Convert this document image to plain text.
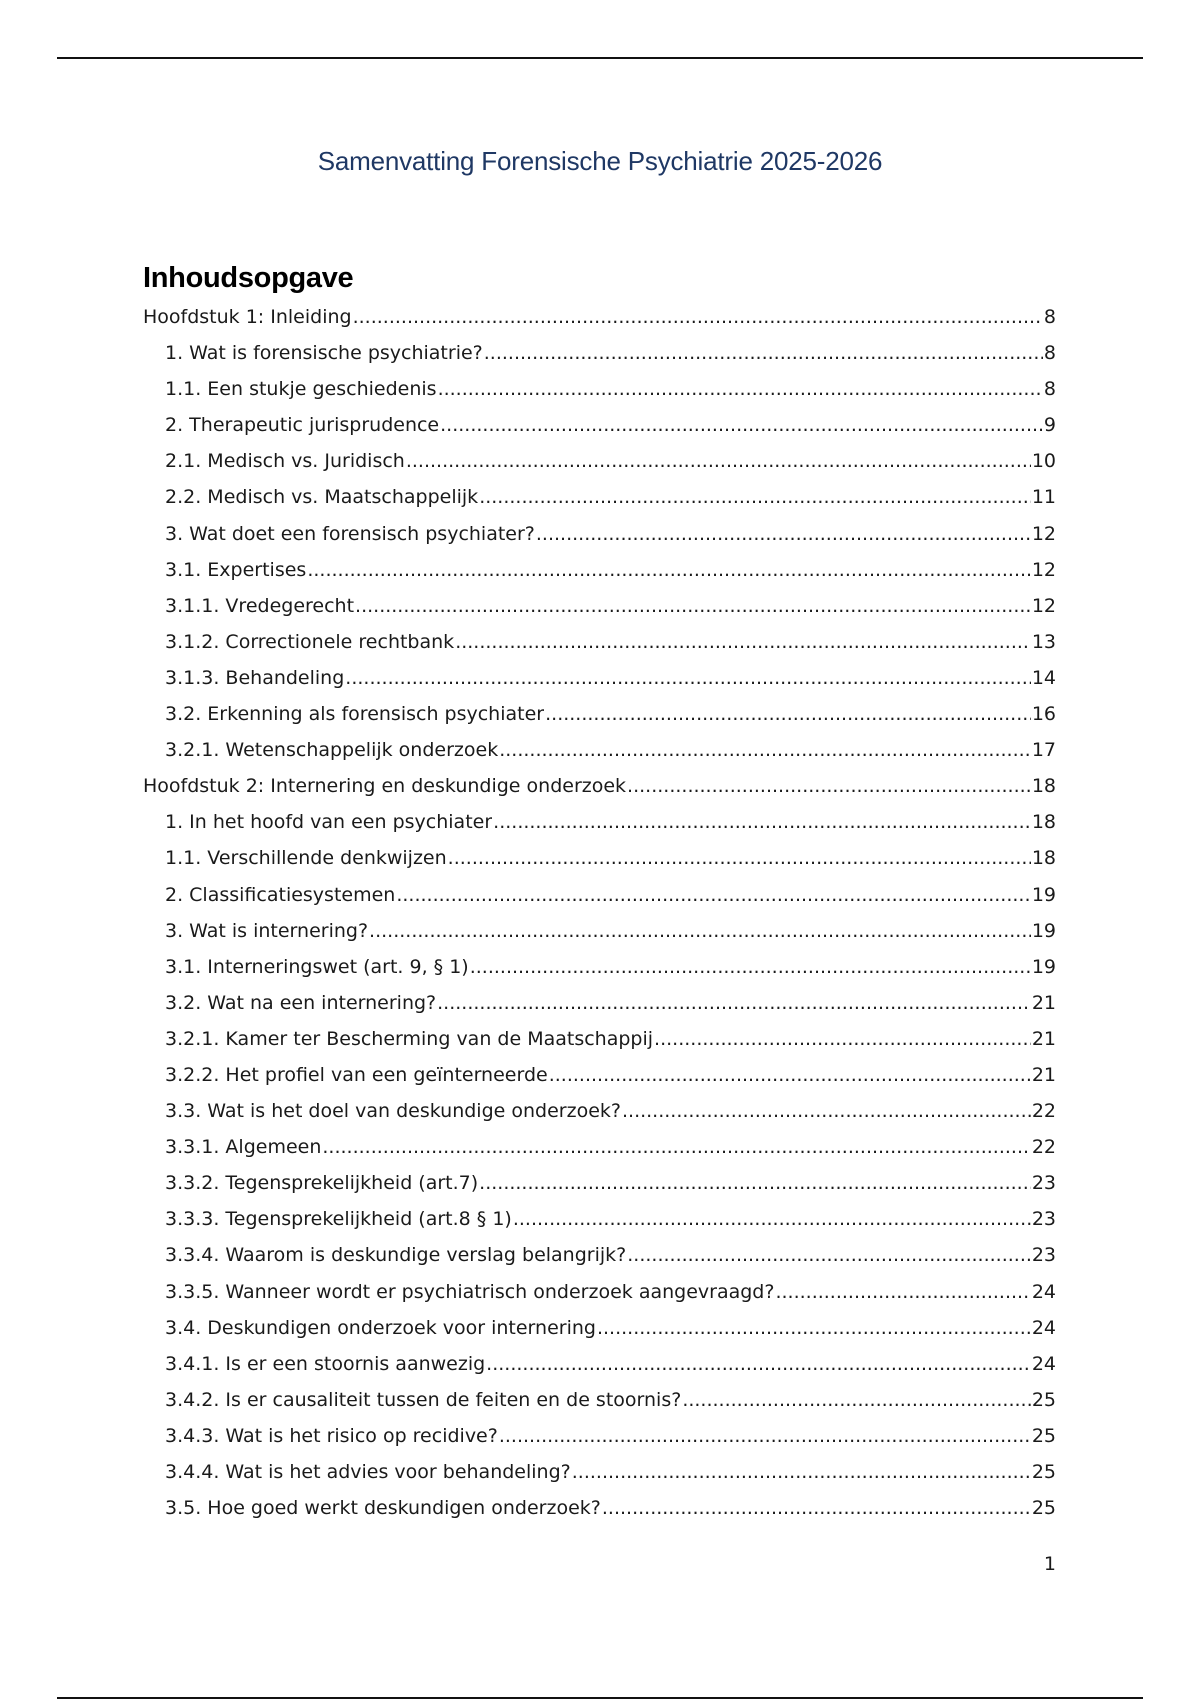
Samenvatting Forensische Psychiatrie 2025-2026
Inhoudsopgave
Hoofdstuk 1: Inleiding .....	8
1. Wat is forensische psychiatrie? .....	8
1.1. Een stukje geschiedenis .....	8
2. Therapeutic jurisprudence .....	9
2.1. Medisch vs. Juridisch .....	10
2.2. Medisch vs. Maatschappelijk .....	11
3. Wat doet een forensisch psychiater? .....	12
3.1. Expertises .....	12
3.1.1. Vredegerecht .....	12
3.1.2. Correctionele rechtbank .....	13
3.1.3. Behandeling .....	14
3.2. Erkenning als forensisch psychiater .....	16
3.2.1. Wetenschappelijk onderzoek .....	17
Hoofdstuk 2: Internering en deskundige onderzoek .....	18
1. In het hoofd van een psychiater .....	18
1.1. Verschillende denkwijzen .....	18
2. Classificatiesystemen .....	19
3. Wat is internering? .....	19
3.1. Interneringswet (art. 9, § 1) .....	19
3.2. Wat na een internering? .....	21
3.2.1. Kamer ter Bescherming van de Maatschappij .....	21
3.2.2. Het profiel van een geïnterneerde .....	21
3.3. Wat is het doel van deskundige onderzoek? .....	22
3.3.1. Algemeen .....	22
3.3.2. Tegensprekelijkheid (art.7) .....	23
3.3.3. Tegensprekelijkheid (art.8 § 1) .....	23
3.3.4. Waarom is deskundige verslag belangrijk? .....	23
3.3.5. Wanneer wordt er psychiatrisch onderzoek aangevraagd? .....	24
3.4. Deskundigen onderzoek voor internering .....	24
3.4.1. Is er een stoornis aanwezig .....	24
3.4.2. Is er causaliteit tussen de feiten en de stoornis? .....	25
3.4.3. Wat is het risico op recidive? .....	25
3.4.4. Wat is het advies voor behandeling? .....	25
3.5. Hoe goed werkt deskundigen onderzoek? .....	25
1
